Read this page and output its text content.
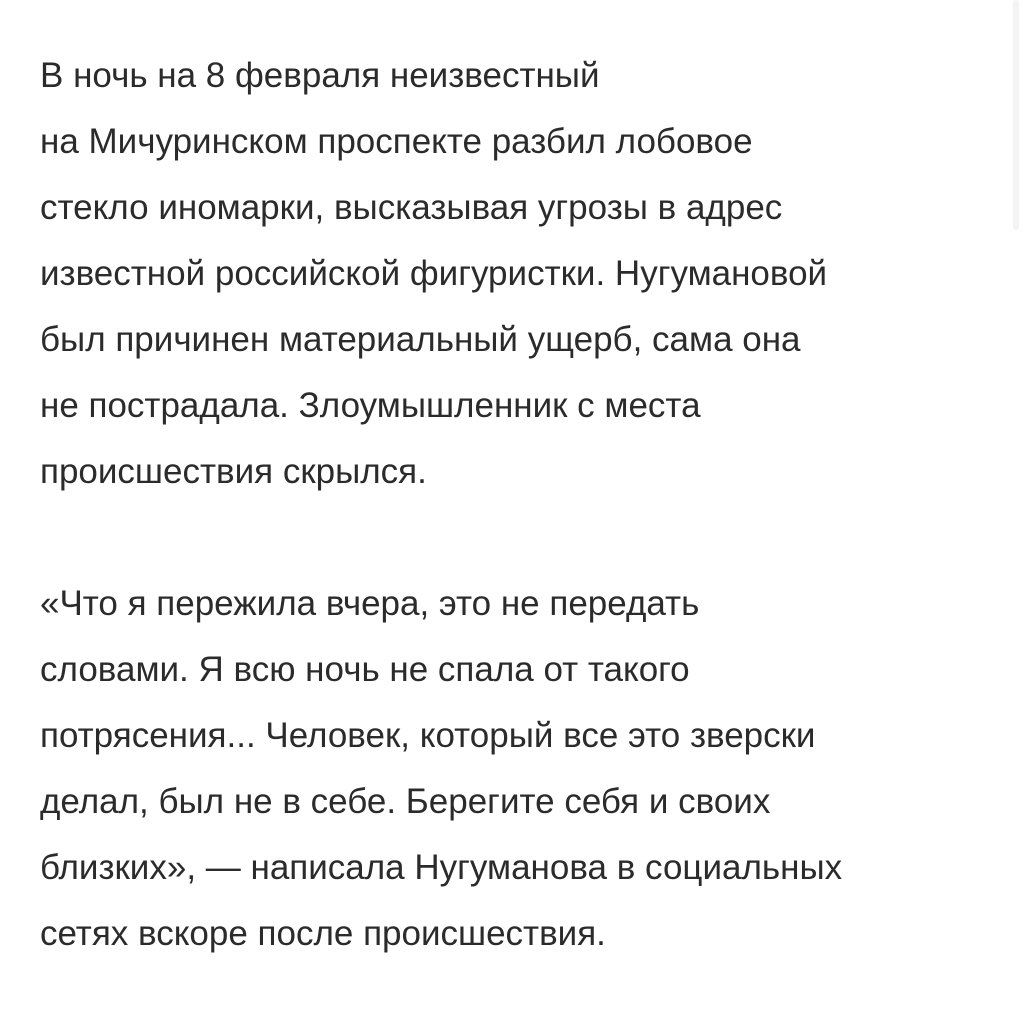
В ночь на 8 февраля неизвестный
на Мичуринском проспекте разбил лобовое
стекло иномарки, высказывая угрозы в адрес
известной российской фигуристки. Нугумановой
был причинен материальный ущерб, сама она
не пострадала. Злоумышленник с места
происшествия скрылся.
«Что я пережила вчера, это не передать
словами. Я всю ночь не спала от такого
потрясения... Человек, который все это зверски
делал, был не в себе. Берегите себя и своих
близких», — написала Нугуманова в социальных
сетях вскоре после происшествия.
